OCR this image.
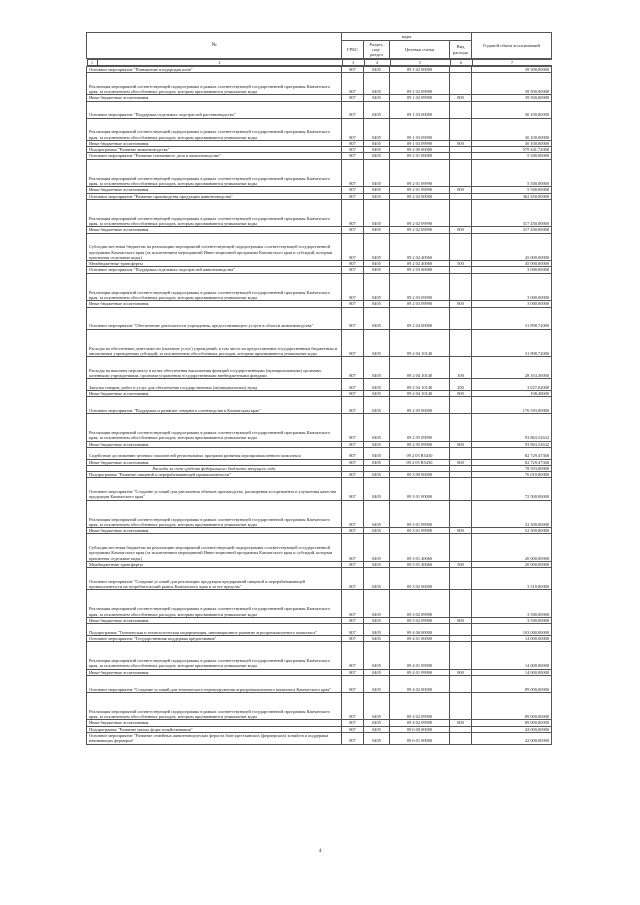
№	коды	Годовой объем ассигнований
ГРБС	Раздел, под-раздел	Целевая статья	Вид расхода

1	2	3	4	5	6	7

Основное мероприятие "Повышение плодородия почв"	807	0405	09 1 02 00000		39 500,00000
Реализация мероприятий соответствующей подпрограммы в рамках соответствующей государственной программы Камчатского края, за исключением обособленных расходов, которым присваиваются уникальные коды	807	0405	09 1 02 09990		39 500,00000
Иные бюджетные ассигнования	807	0405	09 1 02 09990	800	39 500,00000
Основное мероприятие "Поддержка отдельных подотраслей растениеводства"	807	0405	09 1 03 00000		30 100,00000
Реализация мероприятий соответствующей подпрограммы в рамках соответствующей государственной программы Камчатского края, за исключением обособленных расходов, которым присваиваются уникальные коды	807	0405	09 1 03 09990		30 100,00000
Иные бюджетные ассигнования	807	0405	09 1 03 09990	800	30 100,00000
Подпрограмма "Развитие животноводства"	807	0405	09 2 00 00000		579 441,72000
Основное мероприятие "Развитие племенного дела в животноводстве"	807	0405	09 2 01 00000		5 500,00000
Реализация мероприятий соответствующей подпрограммы в рамках соответствующей государственной программы Камчатского края, за исключением обособленных расходов, которым присваиваются уникальные коды	807	0405	09 2 01 09990		5 500,00000
Иные бюджетные ассигнования	807	0405	09 2 01 09990	800	5 500,00000
Основное мероприятие "Развитие производства продукции животноводства"	807	0405	09 2 02 00000		362 450,00000
Реализация мероприятий соответствующей подпрограммы в рамках соответствующей государственной программы Камчатского края, за исключением обособленных расходов, которым присваиваются уникальные коды	807	0405	09 2 02 09990		317 450,00000
Иные бюджетные ассигнования	807	0405	09 2 02 09990	800	317 450,00000
Субсидии местным бюджетам на реализацию мероприятий соответствующей подпрограммы соответствующей государственной программы Камчатского края (за исключением мероприятий Инвестиционной программы Камчатского края и субсидий, которым присвоены отдельные коды)	807	0405	09 2 02 40060		45 000,00000
Межбюджетные трансферты	807	0405	09 2 02 40060	500	45 000,00000
Основное мероприятие "Поддержка отдельных подотраслей животноводства"	807	0405	09 2 03 00000		3 000,00000
Реализация мероприятий соответствующей подпрограммы в рамках соответствующей государственной программы Камчатского края, за исключением обособленных расходов, которым присваиваются уникальные коды	807	0405	09 2 03 09990		3 000,00000
Иные бюджетные ассигнования	807	0405	09 2 03 09990	800	3 000,00000
Основное мероприятие "Обеспечение деятельности учреждения, предоставляющего услуги в области животноводства"	807	0405	09 2 04 00000		31 898,72000
Расходы на обеспечение деятельности (оказание услуг) учреждений, в том числе на предоставление государственным бюджетным и автономным учреждениям субсидий, за исключением обособленных расходов, которым присваиваются уникальные коды	807	0405	09 2 04 10140		31 898,72000
Расходы на выплаты персоналу в целях обеспечения выполнения функций государственными (муниципальными) органами, казенными учреждениями, органами управления государственными внебюджетными фондами	807	0405	09 2 04 10140	100	28 163,30000
Закупка товаров, работ и услуг для обеспечения государственных (муниципальных) нужд	807	0405	09 2 04 10140	200	3 627,02000
Иные бюджетные ассигнования	807	0405	09 2 04 10140	800	108,40000
Основное мероприятие "Поддержка и развитие северного оленеводства в Камчатском крае"	807	0405	09 2 05 00000		176 593,00000
Реализация мероприятий соответствующей подпрограммы в рамках соответствующей государственной программы Камчатского края, за исключением обособленных расходов, которым присваиваются уникальные коды	807	0405	09 2 05 09990		93 863,52632
Иные бюджетные ассигнования	807	0405	09 2 05 09990	800	93 863,52632
Содействие достижению целевых показателей региональных программ развития агропромышленного комплекса	807	0405	09 2 05 R5430		82 729,47368
Иные бюджетные ассигнования	807	0405	09 2 05 R5430	800	82 729,47368
Расходы за счет средств федерального бюджета текущего года					78 593,00000
Подпрограмма "Развитие пищевой и перерабатывающей промышленности"	807	0405	09 3 00 00000		76 010,00000
Основное мероприятие "Создание условий для увеличения объемов производства, расширения ассортимента и улучшения качества продукции Камчатского края"	807	0405	09 3 01 00000		72 500,00000
Реализация мероприятий соответствующей подпрограммы в рамках соответствующей государственной программы Камчатского края, за исключением обособленных расходов, которым присваиваются уникальные коды	807	0405	09 3 01 09990		52 500,00000
Иные бюджетные ассигнования	807	0405	09 3 01 09990	800	52 500,00000
Субсидии местным бюджетам на реализацию мероприятий соответствующей подпрограммы соответствующей государственной программы Камчатского края (за исключением мероприятий Инвестиционной программы Камчатского края и субсидий, которым присвоены отдельные коды)	807	0405	09 3 01 40060		20 000,00000
Межбюджетные трансферты	807	0405	09 3 01 40060	500	20 000,00000
Основное мероприятие "Создание условий для реализации продукции предприятий пищевой и перерабатывающей промышленности на потребительский рынок Камчатского края и за его пределы"	807	0405	09 3 02 00000		3 510,00000
Реализация мероприятий соответствующей подпрограммы в рамках соответствующей государственной программы Камчатского края, за исключением обособленных расходов, которым присваиваются уникальные коды	807	0405	09 3 02 09990		3 500,00000
Иные бюджетные ассигнования	807	0405	09 3 02 09990	800	3 500,00000
Подпрограмма "Техническая и технологическая модернизация, инновационное развитие агропромышленного комплекса"	807	0405	09 4 00 00000		103 000,00000
Основное мероприятие "Государственная поддержка кредитования"	807	0405	09 4 01 00000		14 000,00000
Реализация мероприятий соответствующей подпрограммы в рамках соответствующей государственной программы Камчатского края, за исключением обособленных расходов, которым присваиваются уникальные коды	807	0405	09 4 01 09990		14 000,00000
Иные бюджетные ассигнования	807	0405	09 4 01 09990	800	14 000,00000
Основное мероприятие "Создание условий для технического перевооружения агропромышленного комплекса Камчатского края"	807	0405	09 4 02 00000		89 000,00000
Реализация мероприятий соответствующей подпрограммы в рамках соответствующей государственной программы Камчатского края, за исключением обособленных расходов, которым присваиваются уникальные коды	807	0405	09 4 02 09990		89 000,00000
Иные бюджетные ассигнования	807	0405	09 4 02 09990	800	89 000,00000
Подпрограмма "Развитие малых форм хозяйствования"	807	0405	09 6 00 00000		42 000,00000
Основное мероприятие "Развитие семейных животноводческих ферм на базе крестьянских (фермерских) хозяйств и поддержка начинающих фермеров"	807	0405	09 6 01 00000		42 000,00000
4
